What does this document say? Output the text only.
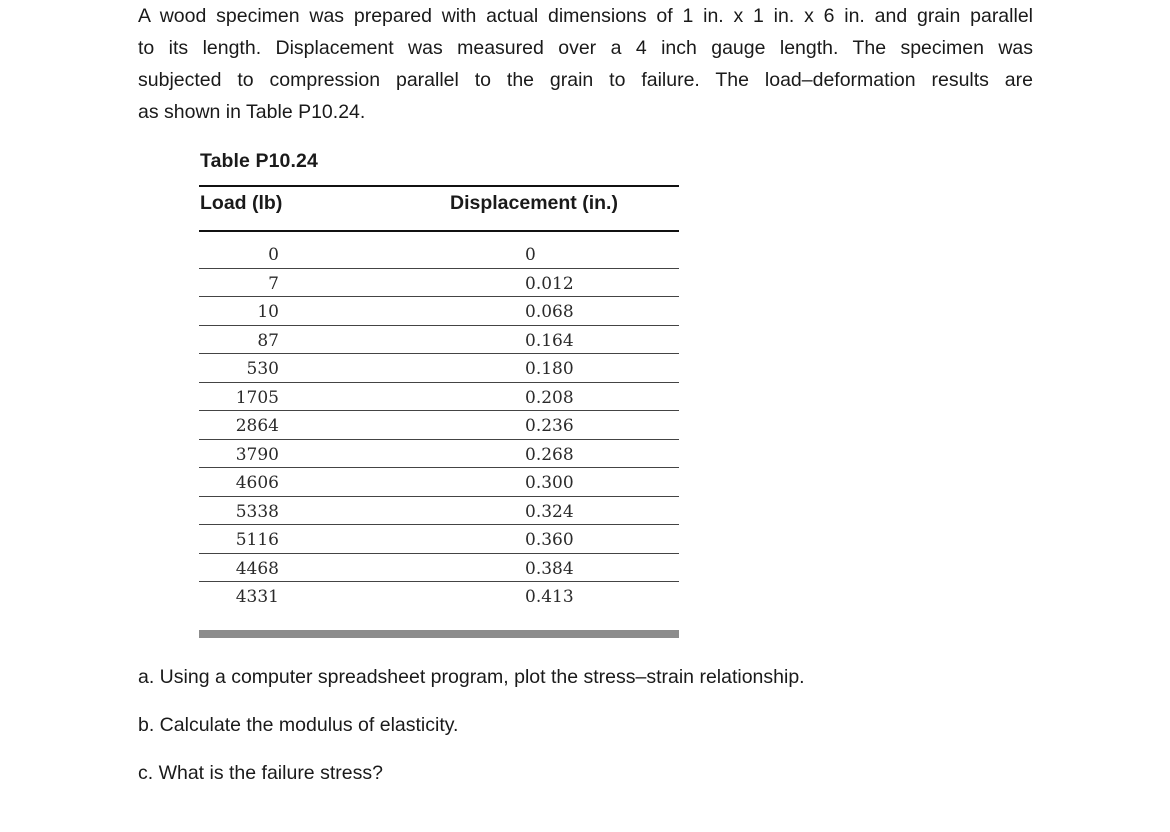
A wood specimen was prepared with actual dimensions of 1 in. x 1 in. x 6 in. and grain parallel
to its length. Displacement was measured over a 4 inch gauge length. The specimen was
subjected to compression parallel to the grain to failure. The load–deformation results are
as shown in Table P10.24.
Table P10.24
Load (lb)	Displacement (in.)
0	0
7	0.012
10	0.068
87	0.164
530	0.180
1705	0.208
2864	0.236
3790	0.268
4606	0.300
5338	0.324
5116	0.360
4468	0.384
4331	0.413
a. Using a computer spreadsheet program, plot the stress–strain relationship.
b. Calculate the modulus of elasticity.
c. What is the failure stress?
